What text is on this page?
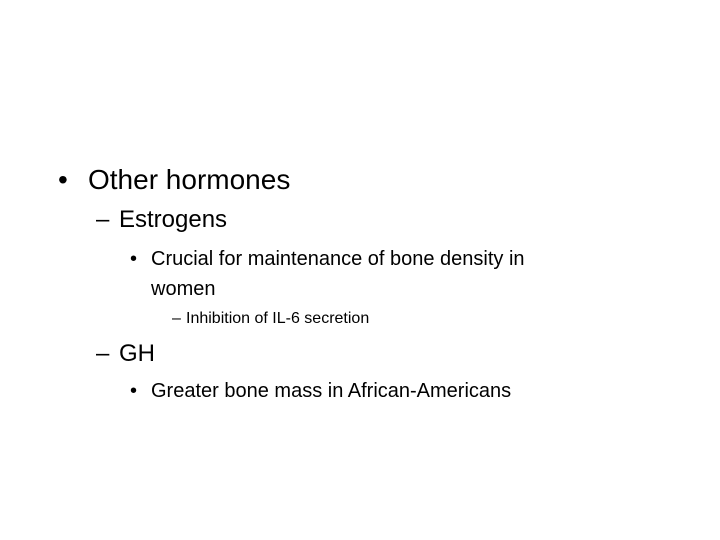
• Other hormones
– Estrogens
• Crucial for maintenance of bone density in
women
– Inhibition of IL-6 secretion
– GH
• Greater bone mass in African-Americans
